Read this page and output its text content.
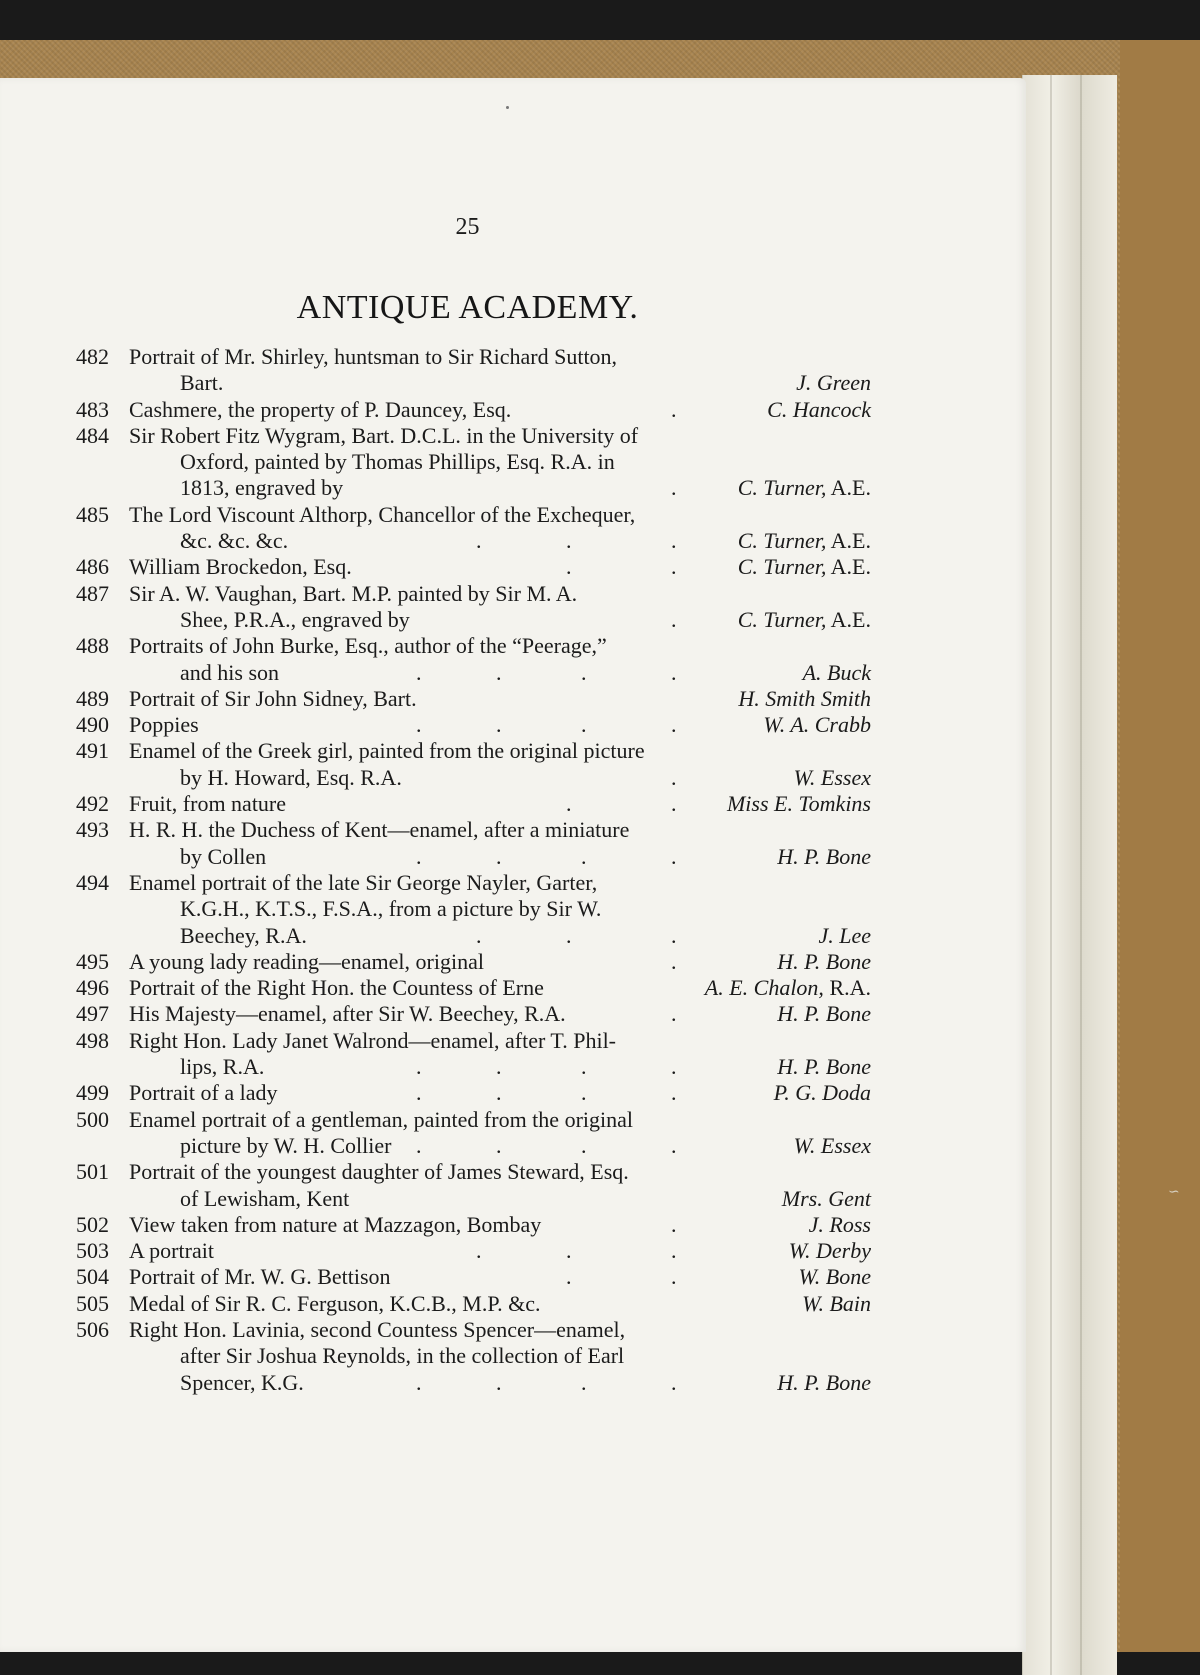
∽
25
ANTIQUE ACADEMY.
482 Portrait of Mr. Shirley, huntsman to Sir Richard Sutton,
Bart.	J. Green
483 Cashmere, the property of P. Dauncey, Esq.	.	C. Hancock
484 Sir Robert Fitz Wygram, Bart. D.C.L. in the University of
Oxford, painted by Thomas Phillips, Esq. R.A. in
1813, engraved by	.	C. Turner, A.E.
485 The Lord Viscount Althorp, Chancellor of the Exchequer,
&c. &c. &c.	.	.	.	C. Turner, A.E.
486 William Brockedon, Esq.	.	.	C. Turner, A.E.
487 Sir A. W. Vaughan, Bart. M.P. painted by Sir M. A.
Shee, P.R.A., engraved by	.	C. Turner, A.E.
488 Portraits of John Burke, Esq., author of the “Peerage,”
and his son	.	.	.	.	A. Buck
489 Portrait of Sir John Sidney, Bart.	H. Smith Smith
490 Poppies	.	.	.	.	W. A. Crabb
491 Enamel of the Greek girl, painted from the original picture
by H. Howard, Esq. R.A.	.	W. Essex
492 Fruit, from nature	.	. Miss E. Tomkins
493 H. R. H. the Duchess of Kent—enamel, after a miniature
by Collen	.	.	.	.	H. P. Bone
494 Enamel portrait of the late Sir George Nayler, Garter,
K.G.H., K.T.S., F.S.A., from a picture by Sir W.
Beechey, R.A.	.	.	.	J. Lee
495 A young lady reading—enamel, original	.	H. P. Bone
496 Portrait of the Right Hon. the Countess of Erne	A. E. Chalon, R.A.
497 His Majesty—enamel, after Sir W. Beechey, R.A.	.	H. P. Bone
498 Right Hon. Lady Janet Walrond—enamel, after T. Phil-
lips, R.A.	.	.	.	.	H. P. Bone
499 Portrait of a lady	.	.	.	.	P. G. Doda
500 Enamel portrait of a gentleman, painted from the original
picture by W. H. Collier .	.	.	.	W. Essex
501 Portrait of the youngest daughter of James Steward, Esq.
of Lewisham, Kent	Mrs. Gent
502 View taken from nature at Mazzagon, Bombay	.	J. Ross
503 A portrait	.	.	.	W. Derby
504 Portrait of Mr. W. G. Bettison	.	.	W. Bone
505 Medal of Sir R. C. Ferguson, K.C.B., M.P. &c.	W. Bain
506 Right Hon. Lavinia, second Countess Spencer—enamel,
after Sir Joshua Reynolds, in the collection of Earl
Spencer, K.G.	.	.	.	.	H. P. Bone
